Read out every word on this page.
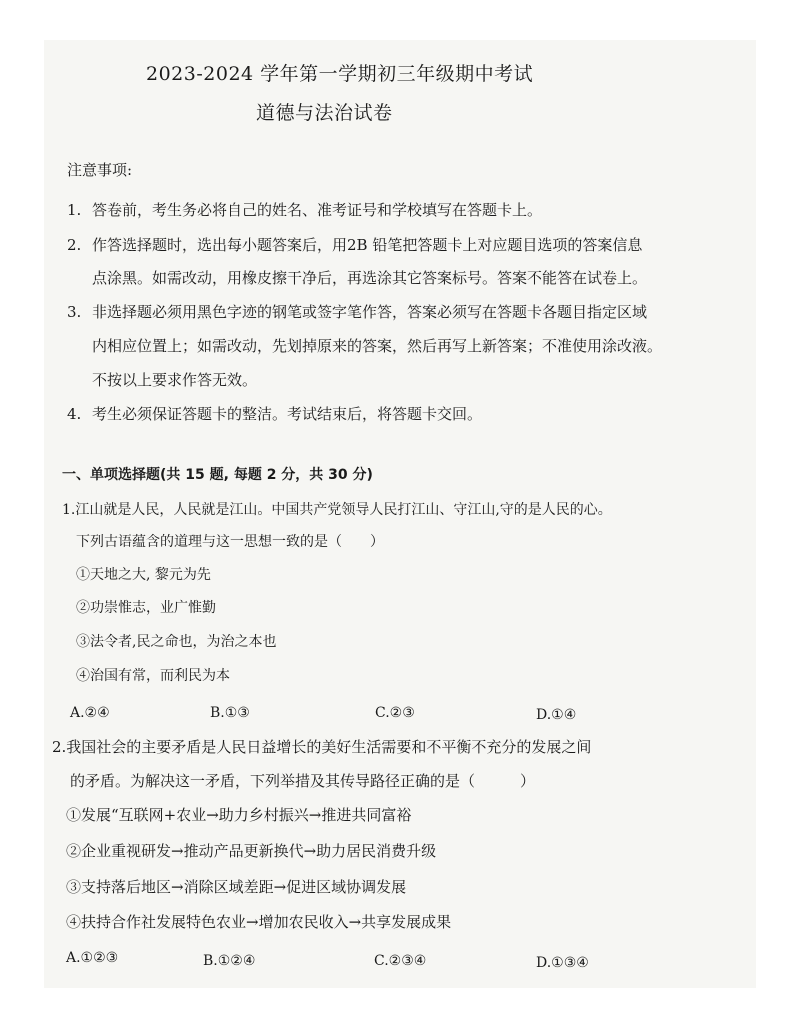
2023-2024 学年第一学期初三年级期中考试
道德与法治试卷
注意事项:
1. 答卷前，考生务必将自己的姓名、准考证号和学校填写在答题卡上。
2. 作答选择题时，选出每小题答案后，用2B 铅笔把答题卡上对应题目选项的答案信息
点涂黑。如需改动，用橡皮擦干净后，再选涂其它答案标号。答案不能答在试卷上。
3. 非选择题必须用黑色字迹的钢笔或签字笔作答，答案必须写在答题卡各题目指定区域
内相应位置上；如需改动，先划掉原来的答案，然后再写上新答案；不准使用涂改液。
不按以上要求作答无效。
4. 考生必须保证答题卡的整洁。考试结束后，将答题卡交回。
一、单项选择题(共 15 题, 每题 2 分，共 30 分)
1.江山就是人民，人民就是江山。中国共产党领导人民打江山、守江山,守的是人民的心。
下列古语蕴含的道理与这一思想一致的是（　　）
①天地之大, 黎元为先
②功崇惟志，业广惟勤
③法令者,民之命也，为治之本也
④治国有常，而利民为本
A.②④	B.①③	C.②③	D.①④
2.我国社会的主要矛盾是人民日益增长的美好生活需要和不平衡不充分的发展之间
的矛盾。为解决这一矛盾，下列举措及其传导路径正确的是（　　　）
①发展“互联网+农业→助力乡村振兴→推进共同富裕
②企业重视研发→推动产品更新换代→助力居民消费升级
③支持落后地区→消除区域差距→促进区域协调发展
④扶持合作社发展特色农业→增加农民收入→共享发展成果
A.①②③	B.①②④	C.②③④	D.①③④
